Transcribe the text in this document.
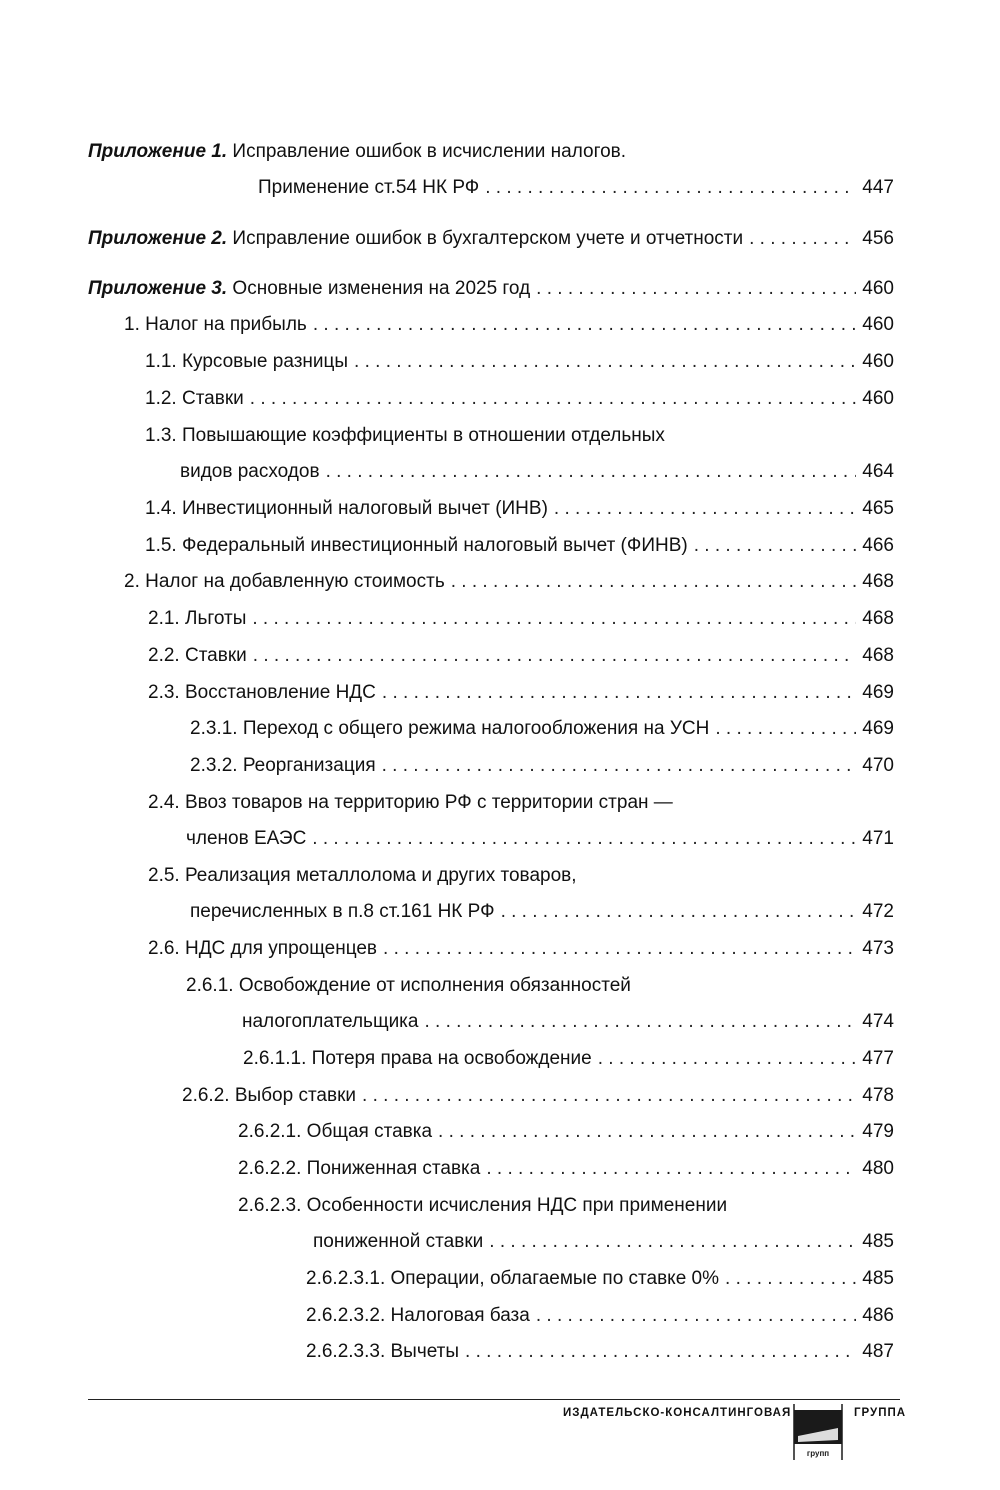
Приложение 1. Исправление ошибок в исчислении налогов.
Применение ст.54 НК РФ . . .	447
Приложение 2. Исправление ошибок в бухгалтерском учете и отчетности . . .	456
Приложение 3. Основные изменения на 2025 год . . .	460
1. Налог на прибыль . . .	460
1.1. Курсовые разницы . . .	460
1.2. Ставки . . .	460
1.3. Повышающие коэффициенты в отношении отдельных
видов расходов . . .	464
1.4. Инвестиционный налоговый вычет (ИНВ) . . .	465
1.5. Федеральный инвестиционный налоговый вычет (ФИНВ) . . .	466
2. Налог на добавленную стоимость . . .	468
2.1. Льготы . . .	468
2.2. Ставки . . .	468
2.3. Восстановление НДС . . .	469
2.3.1. Переход с общего режима налогообложения на УСН . . .	469
2.3.2. Реорганизация . . .	470
2.4. Ввоз товаров на территорию РФ с территории стран —
членов ЕАЭС . . .	471
2.5. Реализация металлолома и других товаров,
перечисленных в п.8 ст.161 НК РФ . . .	472
2.6. НДС для упрощенцев . . .	473
2.6.1. Освобождение от исполнения обязанностей
налогоплательщика . . .	474
2.6.1.1. Потеря права на освобождение . . .	477
2.6.2. Выбор ставки . . .	478
2.6.2.1. Общая ставка . . .	479
2.6.2.2. Пониженная ставка . . .	480
2.6.2.3. Особенности исчисления НДС при применении
пониженной ставки . . .	485
2.6.2.3.1. Операции, облагаемые по ставке 0% . . .	485
2.6.2.3.2. Налоговая база . . .	486
2.6.2.3.3. Вычеты . . .	487
ИЗДАТЕЛЬСКО-КОНСАЛТИНГОВАЯ
групп
ГРУППА
